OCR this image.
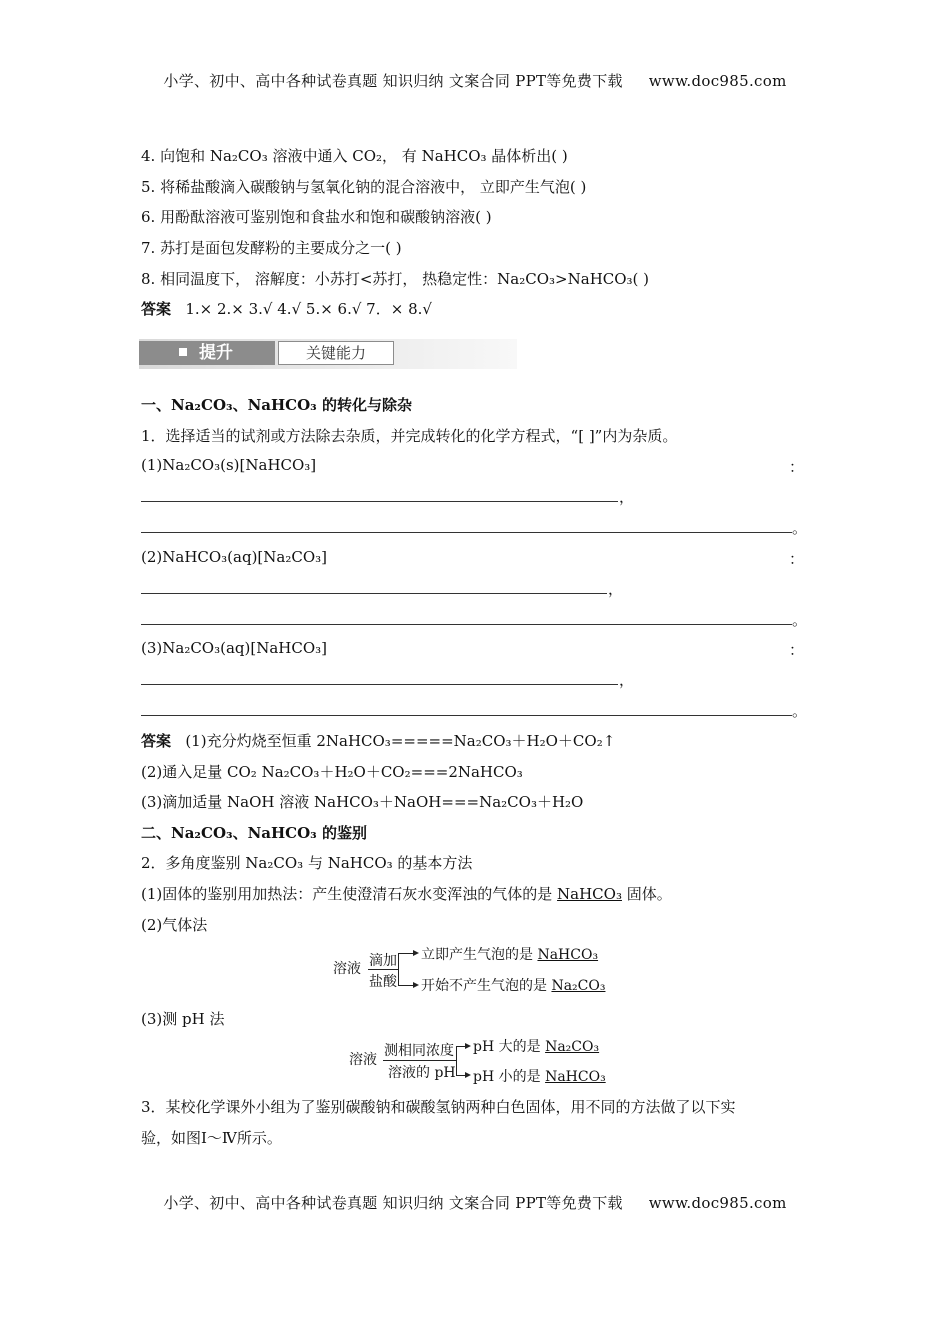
小学、初中、高中各种试卷真题 知识归纳 文案合同 PPT等免费下载 www.doc985.com
4. 向饱和 Na₂CO₃ 溶液中通入 CO₂， 有 NaHCO₃ 晶体析出( )
5. 将稀盐酸滴入碳酸钠与氢氧化钠的混合溶液中， 立即产生气泡( )
6. 用酚酞溶液可鉴别饱和食盐水和饱和碳酸钠溶液( )
7. 苏打是面包发酵粉的主要成分之一( )
8. 相同温度下， 溶解度：小苏打<苏打， 热稳定性：Na₂CO₃>NaHCO₃( )
答案 1.× 2.× 3.√ 4.√ 5.× 6.√ 7．× 8.√
提升	关键能力
一、Na₂CO₃、NaHCO₃ 的转化与除杂
1．选择适当的试剂或方法除去杂质，并完成转化的化学方程式，“[ ]”内为杂质。
(1)Na₂CO₃(s)[NaHCO₃]	：
，
。
(2)NaHCO₃(aq)[Na₂CO₃]	：
，
。
(3)Na₂CO₃(aq)[NaHCO₃]	：
，
。
答案 (1)充分灼烧至恒重 2NaHCO₃=====Na₂CO₃＋H₂O＋CO₂↑
(2)通入足量 CO₂ Na₂CO₃＋H₂O＋CO₂===2NaHCO₃
(3)滴加适量 NaOH 溶液 NaHCO₃＋NaOH===Na₂CO₃＋H₂O
二、Na₂CO₃、NaHCO₃ 的鉴别
2．多角度鉴别 Na₂CO₃ 与 NaHCO₃ 的基本方法
(1)固体的鉴别用加热法：产生使澄清石灰水变浑浊的气体的是 NaHCO₃ 固体。
(2)气体法
溶液 滴加
盐酸
立即产生气泡的是 NaHCO₃
开始不产生气泡的是 Na₂CO₃
(3)测 pH 法
溶液
测相同浓度
溶液的 pH
pH 大的是 Na₂CO₃
pH 小的是 NaHCO₃
3．某校化学课外小组为了鉴别碳酸钠和碳酸氢钠两种白色固体，用不同的方法做了以下实
验，如图Ⅰ～Ⅳ所示。
小学、初中、高中各种试卷真题 知识归纳 文案合同 PPT等免费下载 www.doc985.com
